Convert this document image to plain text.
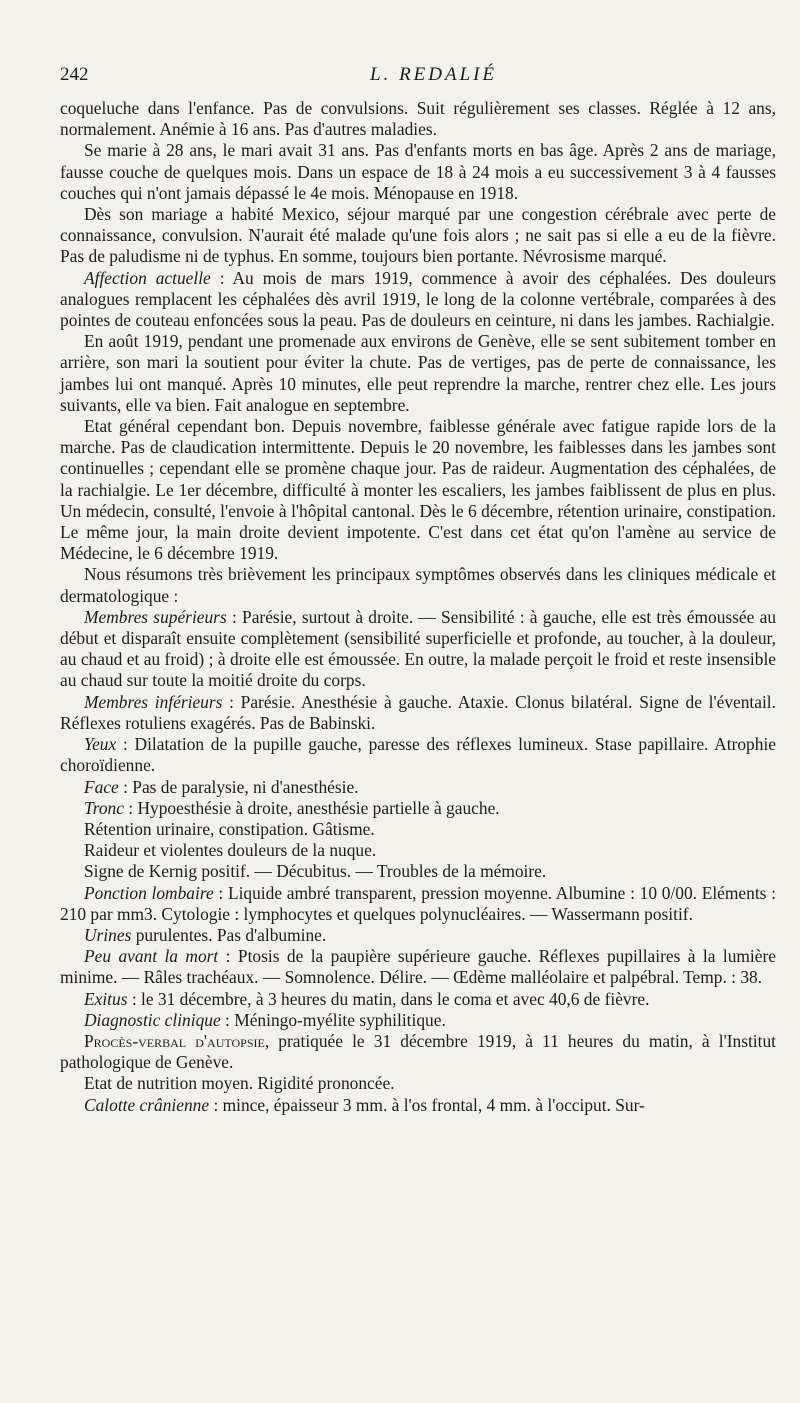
242	L. REDALIÉ

coqueluche dans l'enfance. Pas de convulsions. Suit régulièrement ses classes. Réglée à 12 ans, normalement. Anémie à 16 ans. Pas d'autres maladies.

Se marie à 28 ans, le mari avait 31 ans. Pas d'enfants morts en bas âge. Après 2 ans de mariage, fausse couche de quelques mois. Dans un espace de 18 à 24 mois a eu successivement 3 à 4 fausses couches qui n'ont jamais dépassé le 4e mois. Ménopause en 1918.

Dès son mariage a habité Mexico, séjour marqué par une congestion cérébrale avec perte de connaissance, convulsion. N'aurait été malade qu'une fois alors ; ne sait pas si elle a eu de la fièvre. Pas de paludisme ni de typhus. En somme, toujours bien portante. Névrosisme marqué.

Affection actuelle : Au mois de mars 1919, commence à avoir des céphalées. Des douleurs analogues remplacent les céphalées dès avril 1919, le long de la colonne vertébrale, comparées à des pointes de couteau enfoncées sous la peau. Pas de douleurs en ceinture, ni dans les jambes. Rachialgie.

En août 1919, pendant une promenade aux environs de Genève, elle se sent subitement tomber en arrière, son mari la soutient pour éviter la chute. Pas de vertiges, pas de perte de connaissance, les jambes lui ont manqué. Après 10 minutes, elle peut reprendre la marche, rentrer chez elle. Les jours suivants, elle va bien. Fait analogue en septembre.

Etat général cependant bon. Depuis novembre, faiblesse générale avec fatigue rapide lors de la marche. Pas de claudication intermittente. Depuis le 20 novembre, les faiblesses dans les jambes sont continuelles ; cependant elle se promène chaque jour. Pas de raideur. Augmentation des céphalées, de la rachialgie. Le 1er décembre, difficulté à monter les escaliers, les jambes faiblissent de plus en plus. Un médecin, consulté, l'envoie à l'hôpital cantonal. Dès le 6 décembre, rétention urinaire, constipation. Le même jour, la main droite devient impotente. C'est dans cet état qu'on l'amène au service de Médecine, le 6 décembre 1919.

Nous résumons très brièvement les principaux symptômes observés dans les cliniques médicale et dermatologique :

Membres supérieurs : Parésie, surtout à droite. — Sensibilité : à gauche, elle est très émoussée au début et disparaît ensuite complètement (sensibilité superficielle et profonde, au toucher, à la douleur, au chaud et au froid) ; à droite elle est émoussée. En outre, la malade perçoit le froid et reste insensible au chaud sur toute la moitié droite du corps.

Membres inférieurs : Parésie. Anesthésie à gauche. Ataxie. Clonus bilatéral. Signe de l'éventail. Réflexes rotuliens exagérés. Pas de Babinski.

Yeux : Dilatation de la pupille gauche, paresse des réflexes lumineux. Stase papillaire. Atrophie choroïdienne.

Face : Pas de paralysie, ni d'anesthésie.

Tronc : Hypoesthésie à droite, anesthésie partielle à gauche.

Rétention urinaire, constipation. Gâtisme.

Raideur et violentes douleurs de la nuque.

Signe de Kernig positif. — Décubitus. — Troubles de la mémoire.

Ponction lombaire : Liquide ambré transparent, pression moyenne. Albumine : 10 0/00. Eléments : 210 par mm3. Cytologie : lymphocytes et quelques polynucléaires. — Wassermann positif.

Urines purulentes. Pas d'albumine.

Peu avant la mort : Ptosis de la paupière supérieure gauche. Réflexes pupillaires à la lumière minime. — Râles trachéaux. — Somnolence. Délire. — Œdème malléolaire et palpébral. Temp. : 38.

Exitus : le 31 décembre, à 3 heures du matin, dans le coma et avec 40,6 de fièvre.

Diagnostic clinique : Méningo-myélite syphilitique.

Procès-verbal d'autopsie, pratiquée le 31 décembre 1919, à 11 heures du matin, à l'Institut pathologique de Genève.

Etat de nutrition moyen. Rigidité prononcée.

Calotte crânienne : mince, épaisseur 3 mm. à l'os frontal, 4 mm. à l'occiput. Sur-
